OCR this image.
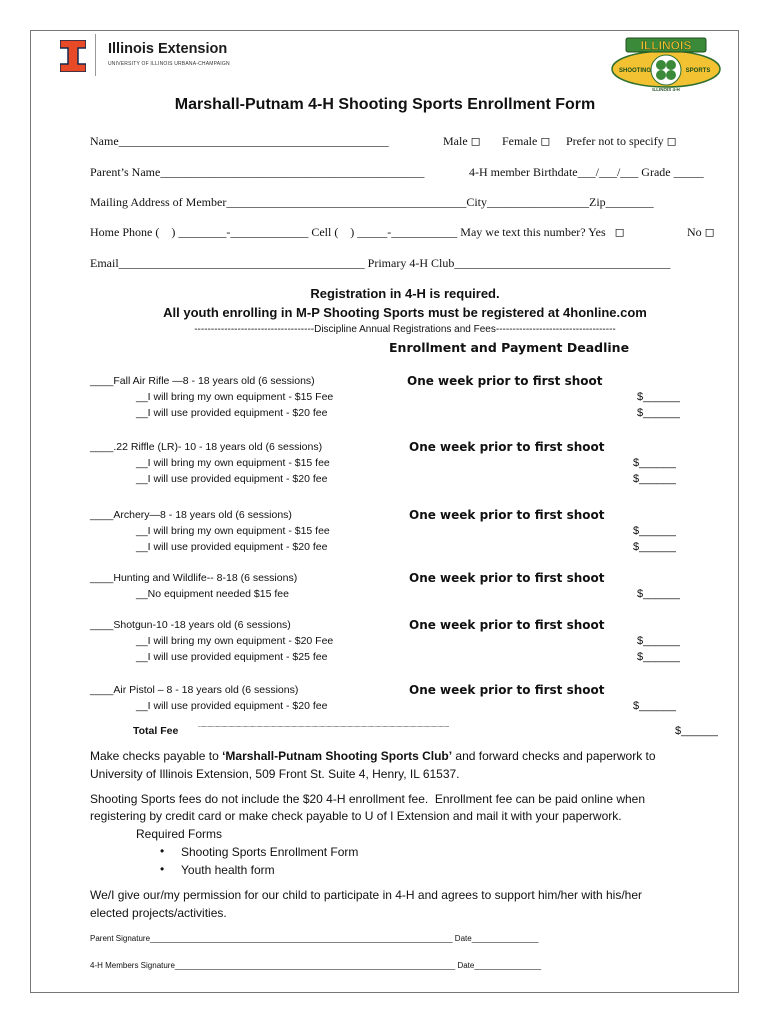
Illinois Extension
UNIVERSITY OF ILLINOIS URBANA-CHAMPAIGN
ILLINOIS
SHOOTING	SPORTS
ILLINOIS 4-H
Marshall-Putnam 4-H Shooting Sports Enrollment Form
Name_____________________________________________	Male ◻ Female ◻ Prefer not to specify ◻
Parent’s Name____________________________________________	4-H member Birthdate___/___/___ Grade _____
Mailing Address of Member________________________________________City_________________Zip________
Home Phone (    ) ________-_____________ Cell (    ) _____-___________ May we text this number? Yes   ◻	No ◻
Email_________________________________________ Primary 4-H Club____________________________________
Registration in 4-H is required.
All youth enrolling in M-P Shooting Sports must be registered at 4honline.com
------------------------------------Discipline Annual Registrations and Fees------------------------------------
Enrollment and Payment Deadline
____Fall Air Rifle —8 - 18 years old (6 sessions)	One week prior to first shoot
__I will bring my own equipment - $15 Fee	$______
__I will use provided equipment - $20 fee	$______
____.22 Riffle (LR)- 10 - 18 years old (6 sessions)	One week prior to first shoot
__I will bring my own equipment - $15 fee	$______
__I will use provided equipment - $20 fee	$______
____Archery—8 - 18 years old (6 sessions)	One week prior to first shoot
__I will bring my own equipment - $15 fee	$______
__I will use provided equipment - $20 fee	$______
____Hunting and Wildlife-- 8-18 (6 sessions)	One week prior to first shoot
__No equipment needed $15 fee	$______
____Shotgun-10 -18 years old (6 sessions)	One week prior to first shoot
__I will bring my own equipment - $20 Fee	$______
__I will use provided equipment - $25 fee	$______
____Air Pistol – 8 - 18 years old (6 sessions)	One week prior to first shoot
__I will use provided equipment - $20 fee	$______
Total Fee	.......................................................................................................................................................................................................................	$______
Make checks payable to ‘Marshall-Putnam Shooting Sports Club’ and forward checks and paperwork to
University of Illinois Extension, 509 Front St. Suite 4, Henry, IL 61537.
Shooting Sports fees do not include the $20 4-H enrollment fee.  Enrollment fee can be paid online when
registering by credit card or make check payable to U of I Extension and mail it with your paperwork.
Required Forms
• Shooting Sports Enrollment Form
• Youth health form
We/I give our/my permission for our child to participate in 4-H and agrees to support him/her with his/her
elected projects/activities.
Parent Signature____________________________________________________________________ Date_______________
4-H Members Signature_______________________________________________________________ Date_______________
